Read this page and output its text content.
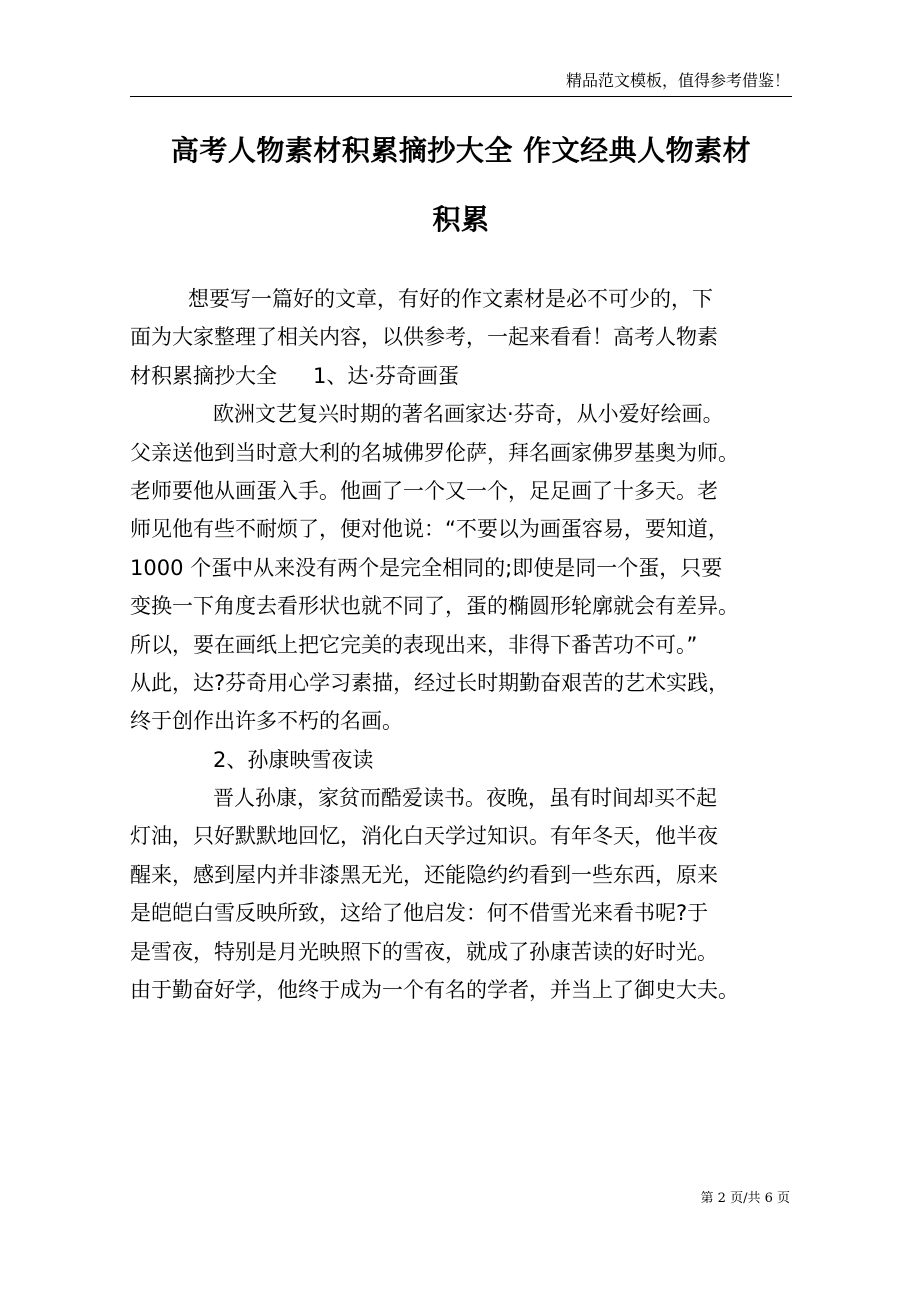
精品范文模板，值得参考借鉴！
高考人物素材积累摘抄大全 作文经典人物素材
积累
想要写一篇好的文章，有好的作文素材是必不可少的，下
面为大家整理了相关内容，以供参考，一起来看看！高考人物素
材积累摘抄大全 1、达·芬奇画蛋
欧洲文艺复兴时期的著名画家达·芬奇，从小爱好绘画。
父亲送他到当时意大利的名城佛罗伦萨，拜名画家佛罗基奥为师。
老师要他从画蛋入手。他画了一个又一个，足足画了十多天。老
师见他有些不耐烦了，便对他说：“不要以为画蛋容易，要知道，
1000 个蛋中从来没有两个是完全相同的;即使是同一个蛋，只要
变换一下角度去看形状也就不同了，蛋的椭圆形轮廓就会有差异。
所以，要在画纸上把它完美的表现出来，非得下番苦功不可。”
从此，达?芬奇用心学习素描，经过长时期勤奋艰苦的艺术实践，
终于创作出许多不朽的名画。
2、孙康映雪夜读
晋人孙康，家贫而酷爱读书。夜晚，虽有时间却买不起
灯油，只好默默地回忆，消化白天学过知识。有年冬天，他半夜
醒来，感到屋内并非漆黑无光，还能隐约约看到一些东西，原来
是皑皑白雪反映所致，这给了他启发：何不借雪光来看书呢?于
是雪夜，特别是月光映照下的雪夜，就成了孙康苦读的好时光。
由于勤奋好学，他终于成为一个有名的学者，并当上了御史大夫。
第 2 页/共 6 页
